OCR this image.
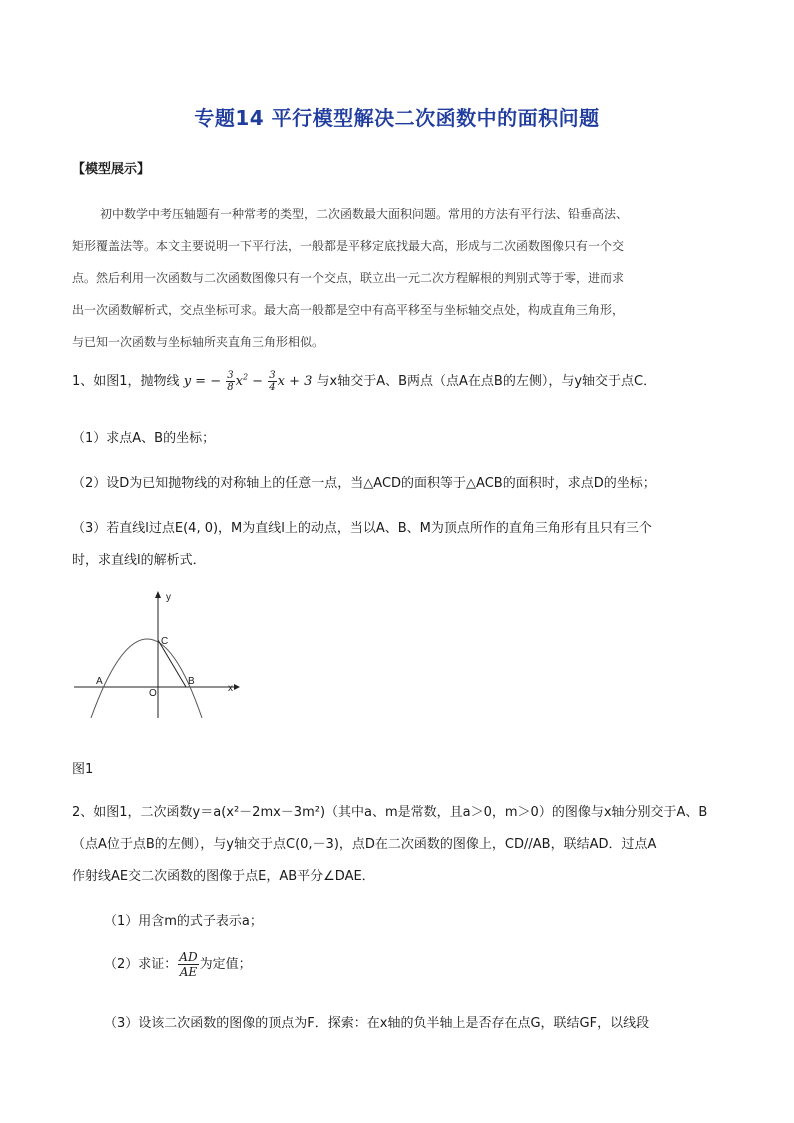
专题14 平行模型解决二次函数中的面积问题
【模型展示】
初中数学中考压轴题有一种常考的类型，二次函数最大面积问题。常用的方法有平行法、铅垂高法、
矩形覆盖法等。本文主要说明一下平行法，一般都是平移定底找最大高，形成与二次函数图像只有一个交
点。然后利用一次函数与二次函数图像只有一个交点，联立出一元二次方程解根的判别式等于零，进而求
出一次函数解析式，交点坐标可求。最大高一般都是空中有高平移至与坐标轴交点处，构成直角三角形，
与已知一次函数与坐标轴所夹直角三角形相似。
1、如图1，抛物线 y = − $\frac{3}{8} x^2 - \frac{3}{4}$ x + 3 与x轴交于A、B两点（点A在点B的左侧），与y轴交于点C．
（1）求点A、B的坐标；
（2）设D为已知抛物线的对称轴上的任意一点，当△ACD的面积等于△ACB的面积时，求点D的坐标；
（3）若直线l过点E(4, 0)，M为直线l上的动点，当以A、B、M为顶点所作的直角三角形有且只有三个
时，求直线l的解析式．
y
x
A	B
C
O
图1
2、如图1，二次函数y＝a(x²－2mx－3m²)（其中a、m是常数，且a＞0，m＞0）的图像与x轴分别交于A、B
（点A位于点B的左侧），与y轴交于点C(0,－3)，点D在二次函数的图像上，CD//AB，联结AD．过点A
作射线AE交二次函数的图像于点E，AB平分∠DAE．
（1）用含m的式子表示a；
（2）求证： $\frac{AD}{AE}$ 为定值；
（3）设该二次函数的图像的顶点为F．探索：在x轴的负半轴上是否存在点G，联结GF，以线段
